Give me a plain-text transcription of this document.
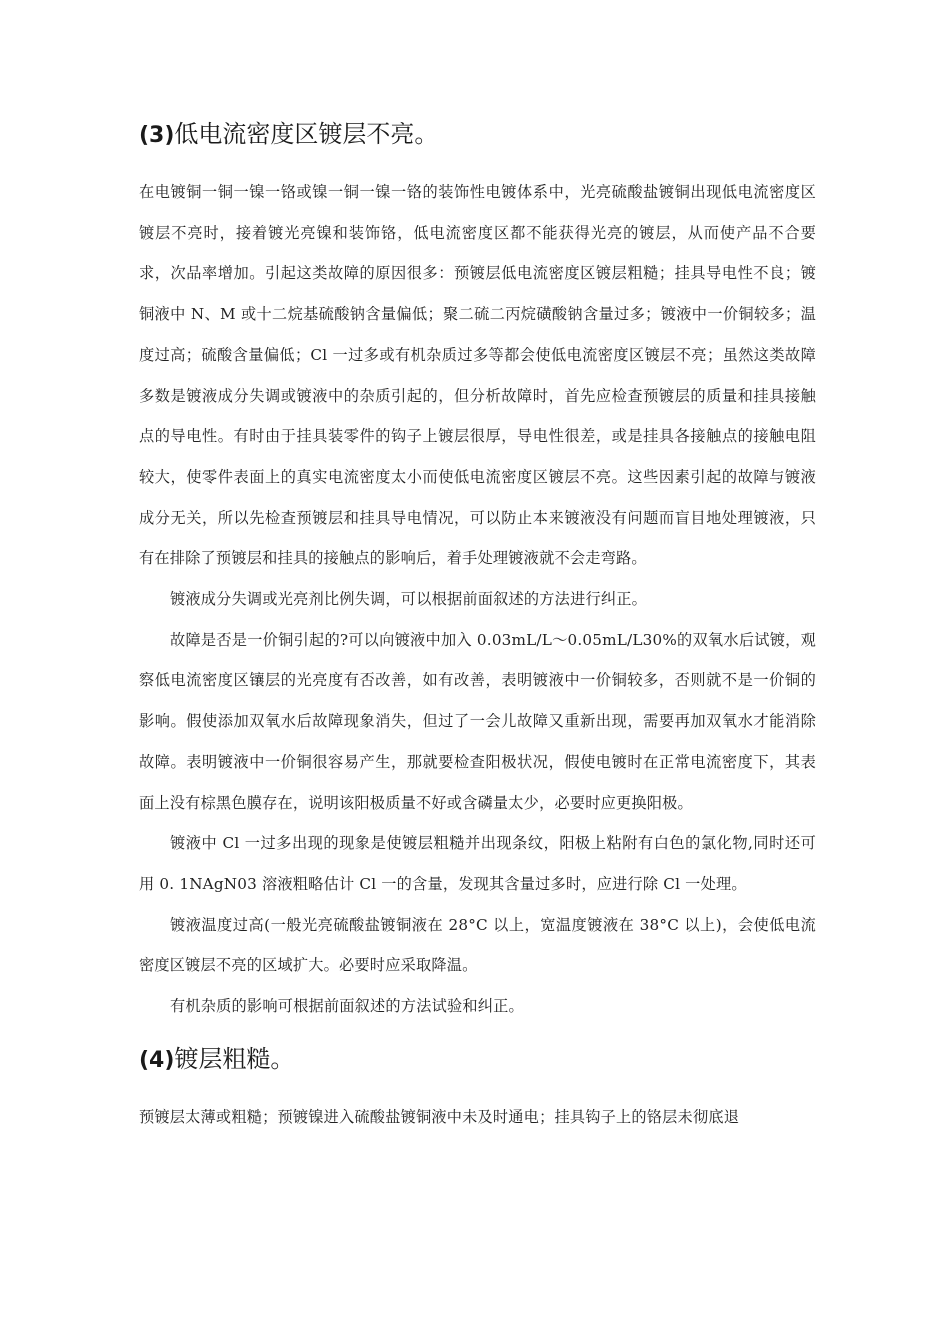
(3)低电流密度区镀层不亮。

在电镀铜一铜一镍一铬或镍一铜一镍一铬的装饰性电镀体系中，光亮硫酸盐镀铜出现低电流密度区镀层不亮时，接着镀光亮镍和装饰铬，低电流密度区都不能获得光亮的镀层，从而使产品不合要求，次品率增加。引起这类故障的原因很多：预镀层低电流密度区镀层粗糙；挂具导电性不良；镀铜液中 N、M 或十二烷基硫酸钠含量偏低；聚二硫二丙烷磺酸钠含量过多；镀液中一价铜较多；温度过高；硫酸含量偏低；Cl 一过多或有机杂质过多等都会使低电流密度区镀层不亮；虽然这类故障多数是镀液成分失调或镀液中的杂质引起的，但分析故障时，首先应检查预镀层的质量和挂具接触点的导电性。有时由于挂具装零件的钩子上镀层很厚，导电性很差，或是挂具各接触点的接触电阻较大，使零件表面上的真实电流密度太小而使低电流密度区镀层不亮。这些因素引起的故障与镀液成分无关，所以先检查预镀层和挂具导电情况，可以防止本来镀液没有问题而盲目地处理镀液，只有在排除了预镀层和挂具的接触点的影响后，着手处理镀液就不会走弯路。

镀液成分失调或光亮剂比例失调，可以根据前面叙述的方法进行纠正。

故障是否是一价铜引起的?可以向镀液中加入 0.03mL/L〜0.05mL/L30%的双氧水后试镀，观察低电流密度区镶层的光亮度有否改善，如有改善，表明镀液中一价铜较多，否则就不是一价铜的影响。假使添加双氧水后故障现象消失，但过了一会儿故障又重新出现，需要再加双氧水才能消除故障。表明镀液中一价铜很容易产生，那就要检查阳极状况，假使电镀时在正常电流密度下，其表面上没有棕黑色膜存在，说明该阳极质量不好或含磷量太少，必要时应更换阳极。

镀液中 Cl 一过多出现的现象是使镀层粗糙并出现条纹，阳极上粘附有白色的氯化物,同时还可用 0. 1NAgN03 溶液粗略估计 Cl 一的含量，发现其含量过多时，应进行除 Cl 一处理。

镀液温度过高(一般光亮硫酸盐镀铜液在 28°C 以上，宽温度镀液在 38°C 以上)，会使低电流密度区镀层不亮的区域扩大。必要时应采取降温。

有机杂质的影响可根据前面叙述的方法试验和纠正。

(4)镀层粗糙。

预镀层太薄或粗糙；预镀镍进入硫酸盐镀铜液中未及时通电；挂具钩子上的铬层未彻底退
